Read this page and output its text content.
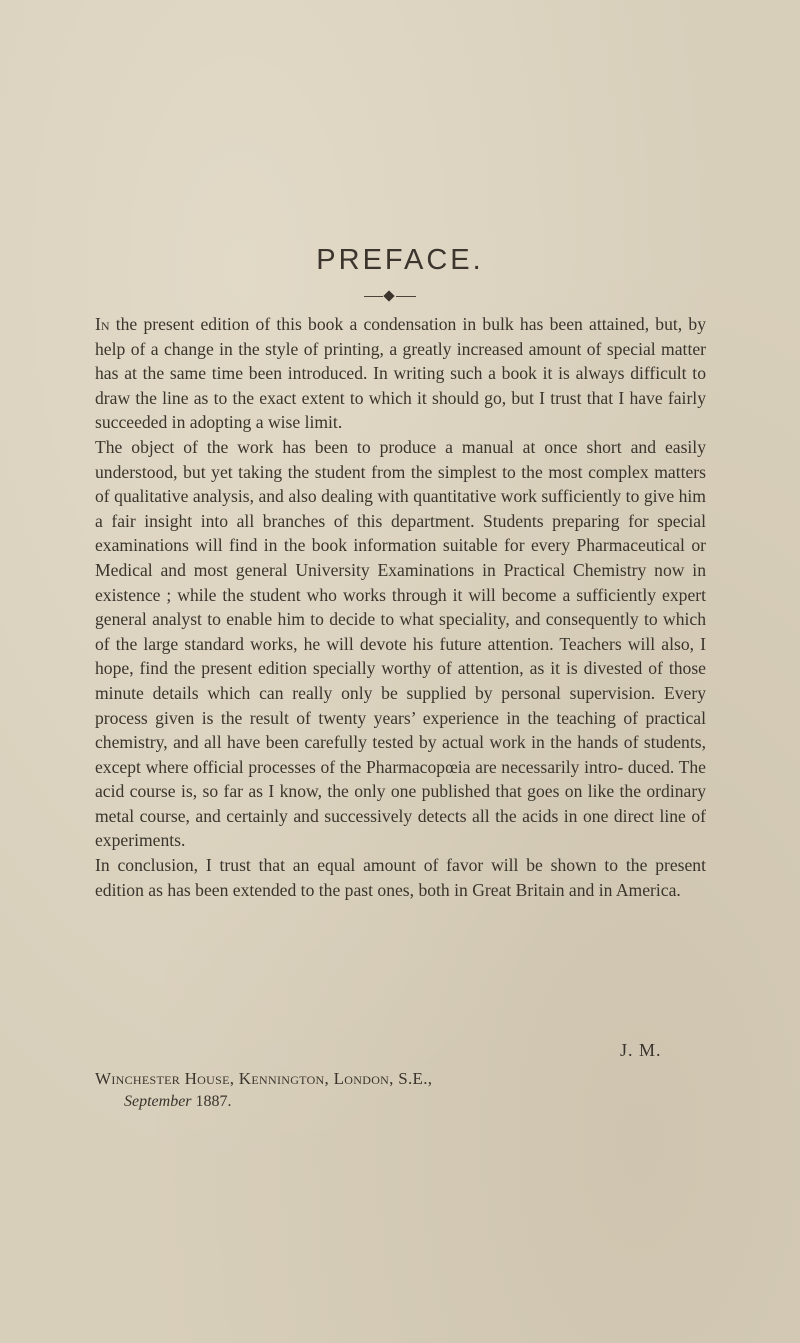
PREFACE.

In the present edition of this book a condensation in bulk has been attained, but, by help of a change in the style of printing, a greatly increased amount of special matter has at the same time been introduced. In writing such a book it is always difficult to draw the line as to the exact extent to which it should go, but I trust that I have fairly succeeded in adopting a wise limit.

The object of the work has been to produce a manual at once short and easily understood, but yet taking the student from the simplest to the most complex matters of qualitative analysis, and also dealing with quantitative work sufficiently to give him a fair insight into all branches of this department. Students preparing for special examinations will find in the book information suitable for every Pharmaceutical or Medical and most general University Examinations in Practical Chemistry now in existence ; while the student who works through it will become a sufficiently expert general analyst to enable him to decide to what speciality, and consequently to which of the large standard works, he will devote his future attention. Teachers will also, I hope, find the present edition specially worthy of attention, as it is divested of those minute details which can really only be supplied by personal supervision. Every process given is the result of twenty years’ experience in the teaching of practical chemistry, and all have been carefully tested by actual work in the hands of students, except where official processes of the Pharmacopœia are necessarily intro- duced. The acid course is, so far as I know, the only one published that goes on like the ordinary metal course, and certainly and successively detects all the acids in one direct line of experiments.

In conclusion, I trust that an equal amount of favor will be shown to the present edition as has been extended to the past ones, both in Great Britain and in America.

J. M.
Winchester House, Kennington, London, S.E.,
September 1887.
